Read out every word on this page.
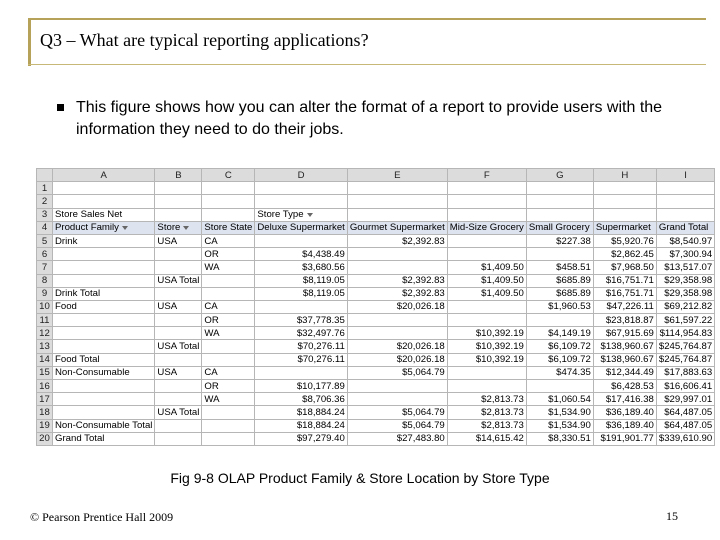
Q3 – What are typical reporting applications?
This figure shows how you can alter the format of a report to provide users with the information they need to do their jobs.
	A	B	C	D	E	F	G	H	I
1									
2									
3	Store Sales Net			Store Type					
4	Product Family	Store	Store State	Deluxe Supermarket	Gourmet Supermarket	Mid-Size Grocery	Small Grocery	Supermarket	Grand Total
5	Drink	USA	CA		$2,392.83		$227.38	$5,920.76	$8,540.97
6			OR	$4,438.49				$2,862.45	$7,300.94
7			WA	$3,680.56		$1,409.50	$458.51	$7,968.50	$13,517.07
8		USA Total		$8,119.05	$2,392.83	$1,409.50	$685.89	$16,751.71	$29,358.98
9	Drink Total			$8,119.05	$2,392.83	$1,409.50	$685.89	$16,751.71	$29,358.98
10	Food	USA	CA		$20,026.18		$1,960.53	$47,226.11	$69,212.82
11			OR	$37,778.35				$23,818.87	$61,597.22
12			WA	$32,497.76		$10,392.19	$4,149.19	$67,915.69	$114,954.83
13		USA Total		$70,276.11	$20,026.18	$10,392.19	$6,109.72	$138,960.67	$245,764.87
14	Food Total			$70,276.11	$20,026.18	$10,392.19	$6,109.72	$138,960.67	$245,764.87
15	Non-Consumable	USA	CA		$5,064.79		$474.35	$12,344.49	$17,883.63
16			OR	$10,177.89				$6,428.53	$16,606.41
17			WA	$8,706.36		$2,813.73	$1,060.54	$17,416.38	$29,997.01
18		USA Total		$18,884.24	$5,064.79	$2,813.73	$1,534.90	$36,189.40	$64,487.05
19	Non-Consumable Total			$18,884.24	$5,064.79	$2,813.73	$1,534.90	$36,189.40	$64,487.05
20	Grand Total			$97,279.40	$27,483.80	$14,615.42	$8,330.51	$191,901.77	$339,610.90
Fig 9-8 OLAP Product Family & Store Location by Store Type
© Pearson Prentice Hall 2009	15
